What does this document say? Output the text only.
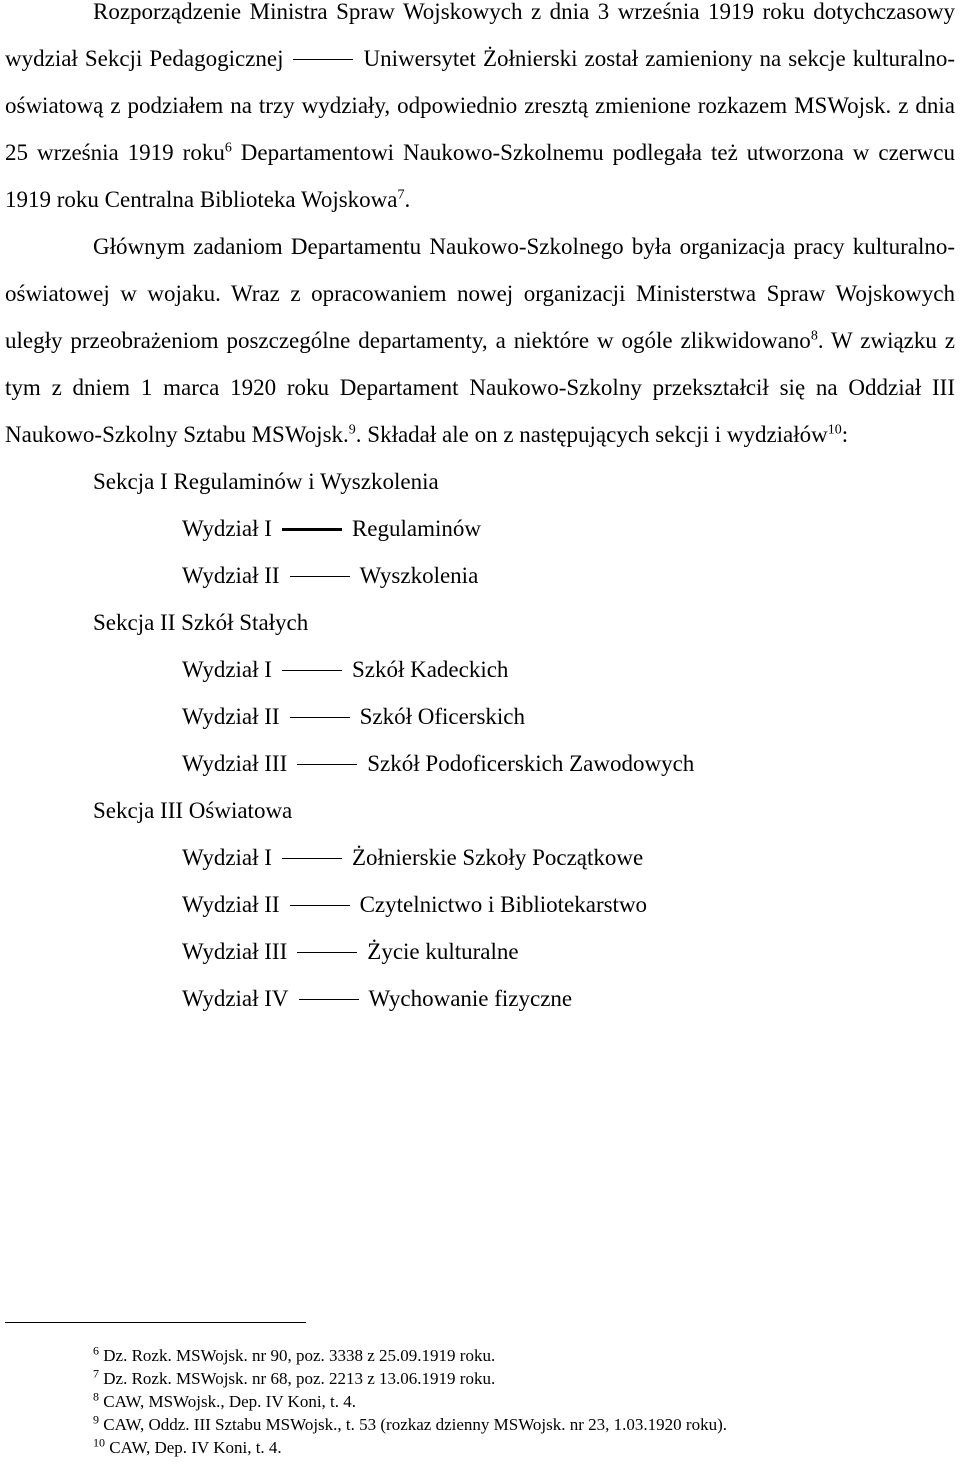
Rozporządzenie Ministra Spraw Wojskowych z dnia 3 września 1919 roku dotychczasowy wydział Sekcji Pedagogicznej	Uniwersytet Żołnierski został zamieniony na sekcje kulturalno-oświatową z podziałem na trzy wydziały, odpowiednio zresztą zmienione rozkazem MSWojsk. z dnia 25 września 1919 roku$^6$ Departamentowi Naukowo-Szkolnemu podlegała też utworzona w czerwcu 1919 roku Centralna Biblioteka Wojskowa$^7$.

Głównym zadaniom Departamentu Naukowo-Szkolnego była organizacja pracy kulturalno-oświatowej w wojaku. Wraz z opracowaniem nowej organizacji Ministerstwa Spraw Wojskowych uległy przeobrażeniom poszczególne departamenty, a niektóre w ogóle zlikwidowano$^8$. W związku z tym z dniem 1 marca 1920 roku Departament Naukowo-Szkolny przekształcił się na Oddział III Naukowo-Szkolny Sztabu MSWojsk.$^9$. Składał ale on z następujących sekcji i wydziałów$^{10}$:

Sekcja I Regulaminów i Wyszkolenia
Wydział I	Regulaminów
Wydział II	Wyszkolenia
Sekcja II Szkół Stałych
Wydział I	Szkół Kadeckich
Wydział II	Szkół Oficerskich
Wydział III	Szkół Podoficerskich Zawodowych
Sekcja III Oświatowa
Wydział I	Żołnierskie Szkoły Początkowe
Wydział II	Czytelnictwo i Bibliotekarstwo
Wydział III	Życie kulturalne
Wydział IV	Wychowanie fizyczne
$^6$ Dz. Rozk. MSWojsk. nr 90, poz. 3338 z 25.09.1919 roku.
$^7$ Dz. Rozk. MSWojsk. nr 68, poz. 2213 z 13.06.1919 roku.
$^8$ CAW, MSWojsk., Dep. IV Koni, t. 4.
$^9$ CAW, Oddz. III Sztabu MSWojsk., t. 53 (rozkaz dzienny MSWojsk. nr 23, 1.03.1920 roku).
$^{10}$ CAW, Dep. IV Koni, t. 4.
